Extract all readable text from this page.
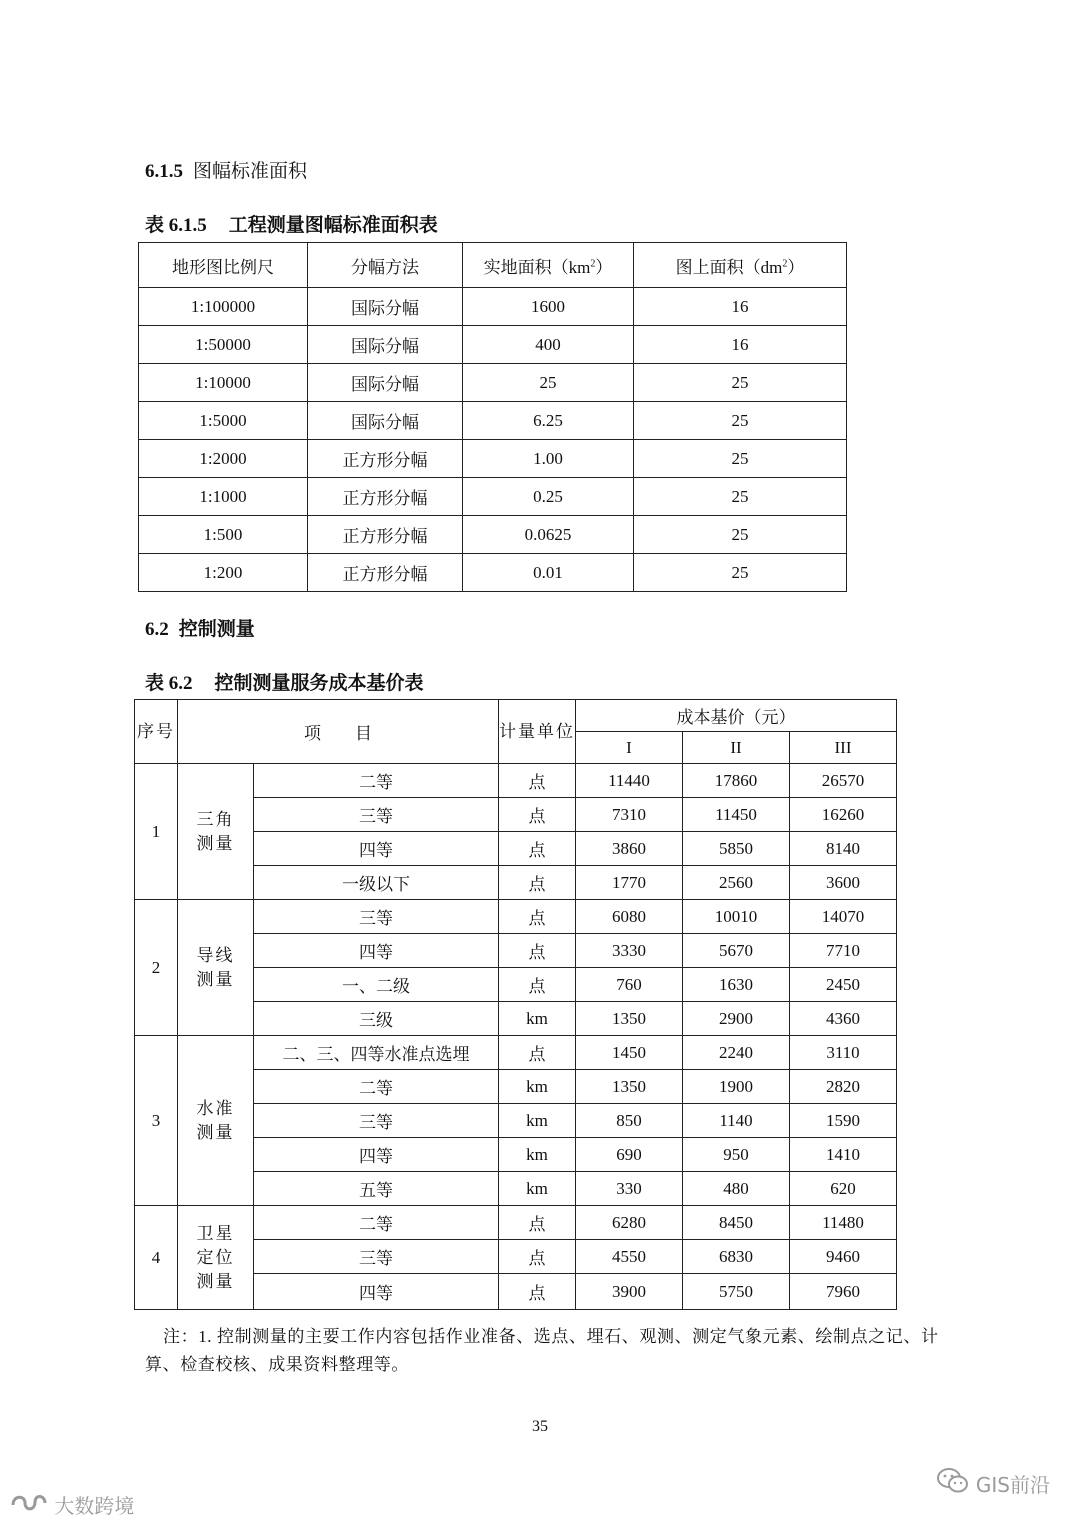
6.1.5 图幅标准面积
表 6.1.5 工程测量图幅标准面积表
地形图比例尺	分幅方法	实地面积$(km^2)$	图上面积$(dm^2)$
1:100000	国际分幅	1600	16
1:50000	国际分幅	400	16
1:10000	国际分幅	25	25
1:5000	国际分幅	6.25	25
1:2000	正方形分幅	1.00	25
1:1000	正方形分幅	0.25	25
1:500	正方形分幅	0.0625	25
1:200	正方形分幅	0.01	25
6.2 控制测量
表 6.2 控制测量服务成本基价表
序号	项　　目		计量单位	成本基价（元）		
				I	II	III
1	三角测量	二等	点	11440	17860	26570
		三等	点	7310	11450	16260
		四等	点	3860	5850	8140
		一级以下	点	1770	2560	3600
2	导线测量	三等	点	6080	10010	14070
		四等	点	3330	5670	7710
		一、二级	点	760	1630	2450
		三级	km	1350	2900	4360
3	水准测量	二、三、四等水准点选埋	点	1450	2240	3110
		二等	km	1350	1900	2820
		三等	km	850	1140	1590
		四等	km	690	950	1410
		五等	km	330	480	620
4	卫星定位测量	二等	点	6280	8450	11480
		三等	点	4550	6830	9460
		四等	点	3900	5750	7960
注：1. 控制测量的主要工作内容包括作业准备、选点、埋石、观测、测定气象元素、绘制点之记、计算、检查校核、成果资料整理等。
35
大数跨境
GIS前沿
